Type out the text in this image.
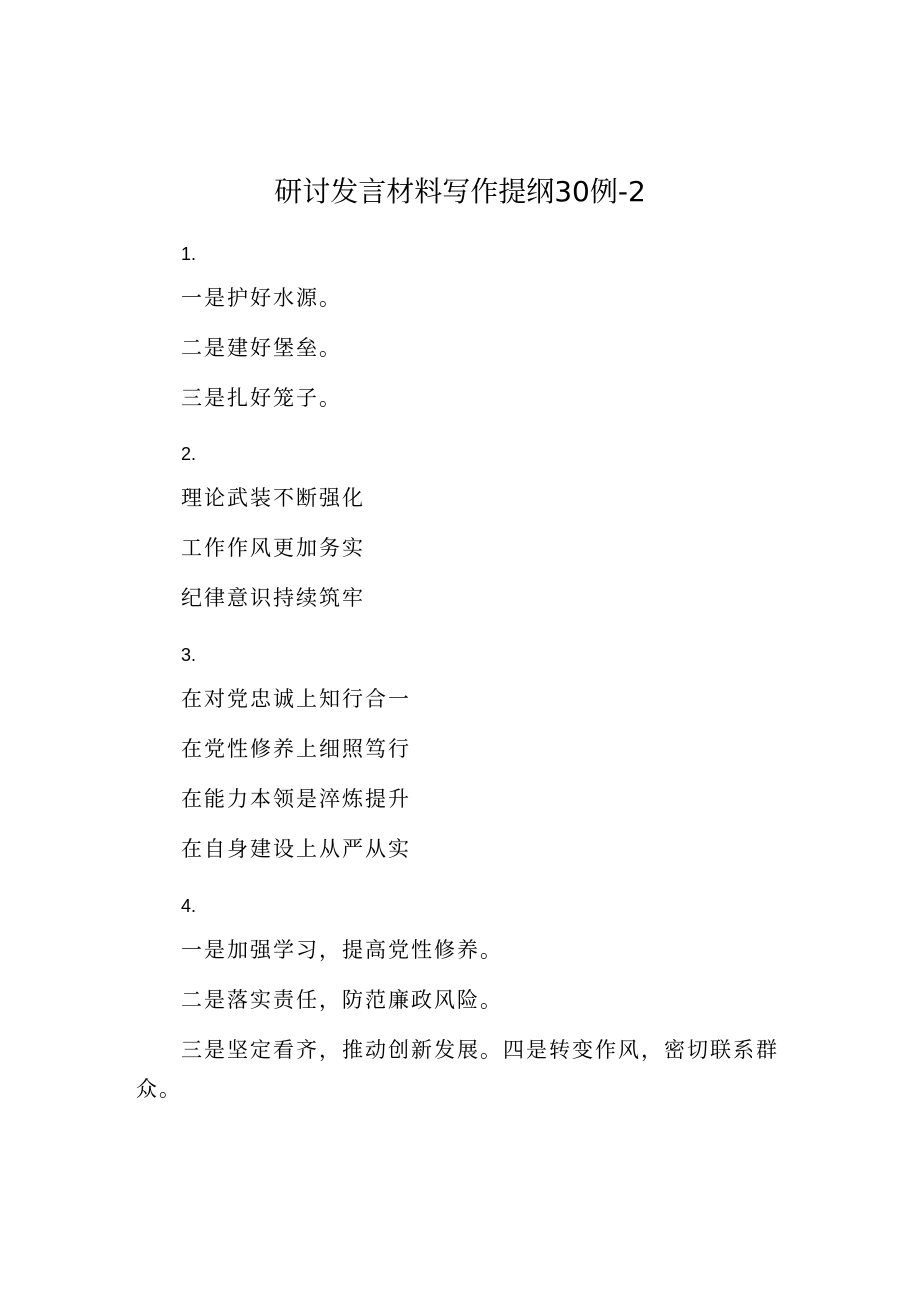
研讨发言材料写作提纲30例-2
1.
一是护好水源。
二是建好堡垒。
三是扎好笼子。
2.
理论武装不断强化
工作作风更加务实
纪律意识持续筑牢
3.
在对党忠诚上知行合一
在党性修养上细照笃行
在能力本领是淬炼提升
在自身建设上从严从实
4.
一是加强学习，提高党性修养。
二是落实责任，防范廉政风险。
三是坚定看齐，推动创新发展。四是转变作风，密切联系群众。
